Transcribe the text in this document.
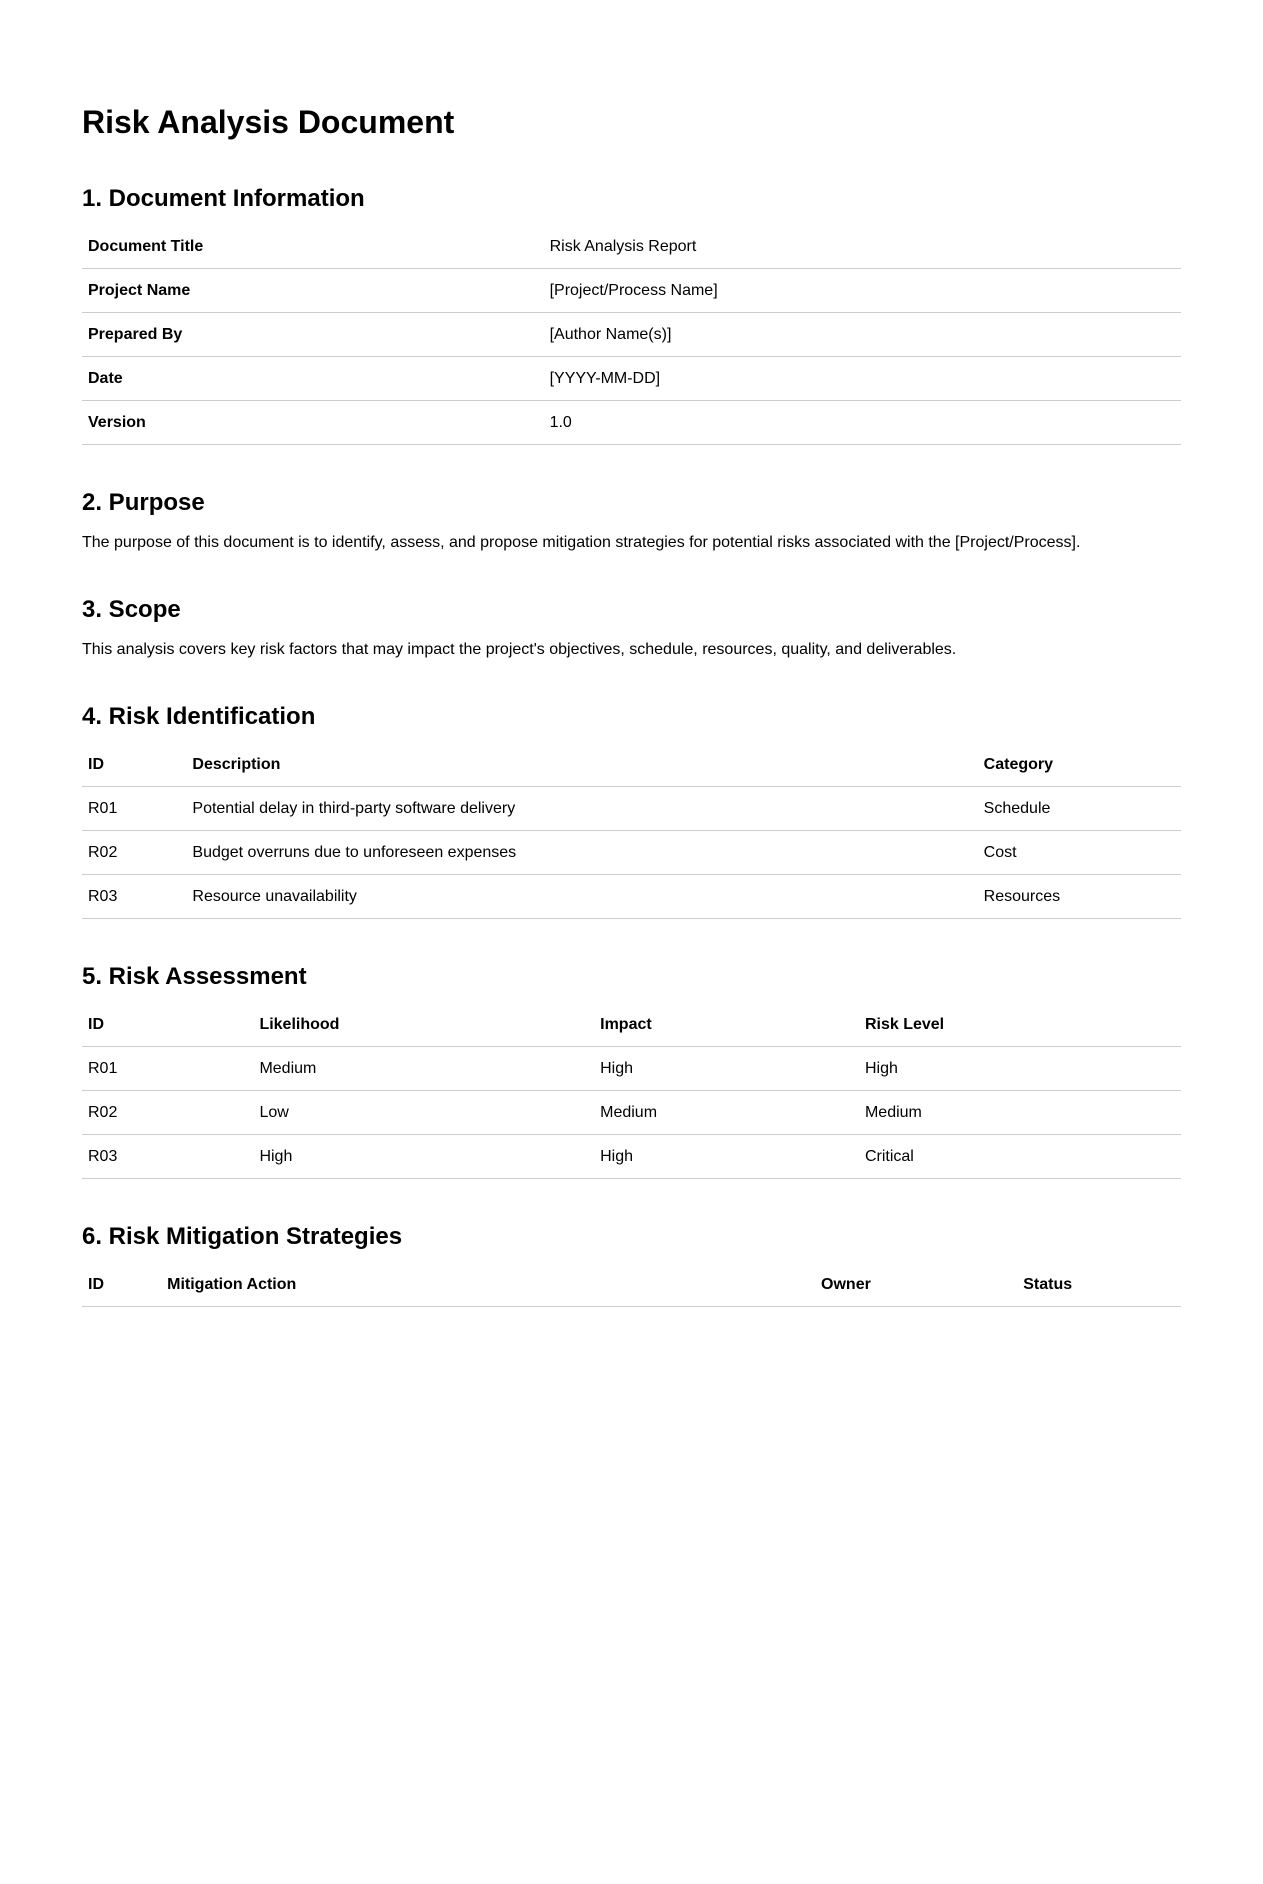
Risk Analysis Document
1. Document Information
Document Title	Risk Analysis Report
Project Name	[Project/Process Name]
Prepared By	[Author Name(s)]
Date	[YYYY-MM-DD]
Version	1.0
2. Purpose

The purpose of this document is to identify, assess, and propose mitigation strategies for potential risks associated with the [Project/Process].

3. Scope

This analysis covers key risk factors that may impact the project's objectives, schedule, resources, quality, and deliverables.

4. Risk Identification
ID	Description	Category
R01	Potential delay in third-party software delivery	Schedule
R02	Budget overruns due to unforeseen expenses	Cost
R03	Resource unavailability	Resources
5. Risk Assessment
ID	Likelihood	Impact	Risk Level
R01	Medium	High	High
R02	Low	Medium	Medium
R03	High	High	Critical
6. Risk Mitigation Strategies
ID	Mitigation Action	Owner	Status
